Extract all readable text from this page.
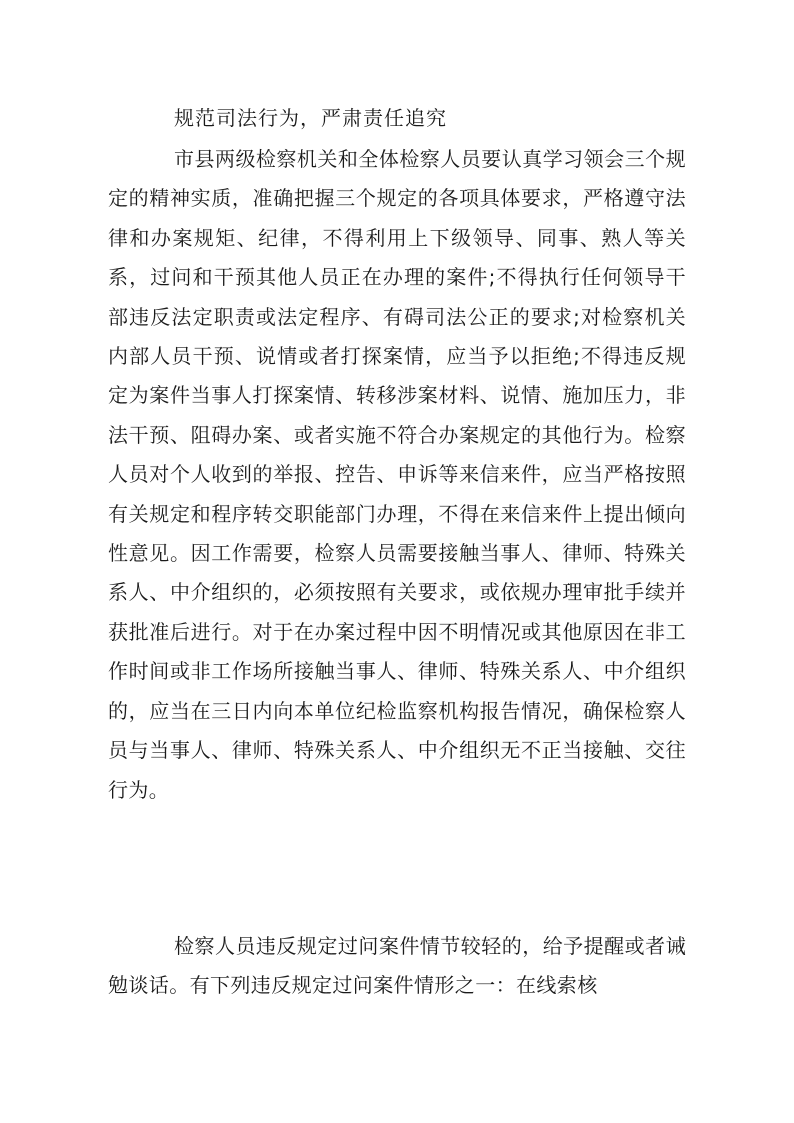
规范司法行为，严肃责任追究

市县两级检察机关和全体检察人员要认真学习领会三个规定的精神实质，准确把握三个规定的各项具体要求，严格遵守法律和办案规矩、纪律，不得利用上下级领导、同事、熟人等关系，过问和干预其他人员正在办理的案件;不得执行任何领导干部违反法定职责或法定程序、有碍司法公正的要求;对检察机关内部人员干预、说情或者打探案情，应当予以拒绝;不得违反规定为案件当事人打探案情、转移涉案材料、说情、施加压力，非法干预、阻碍办案、或者实施不符合办案规定的其他行为。检察人员对个人收到的举报、控告、申诉等来信来件，应当严格按照有关规定和程序转交职能部门办理，不得在来信来件上提出倾向性意见。因工作需要，检察人员需要接触当事人、律师、特殊关系人、中介组织的，必须按照有关要求，或依规办理审批手续并获批准后进行。对于在办案过程中因不明情况或其他原因在非工作时间或非工作场所接触当事人、律师、特殊关系人、中介组织的，应当在三日内向本单位纪检监察机构报告情况，确保检察人员与当事人、律师、特殊关系人、中介组织无不正当接触、交往行为。

检察人员违反规定过问案件情节较轻的，给予提醒或者诫勉谈话。有下列违反规定过问案件情形之一：在线索核
